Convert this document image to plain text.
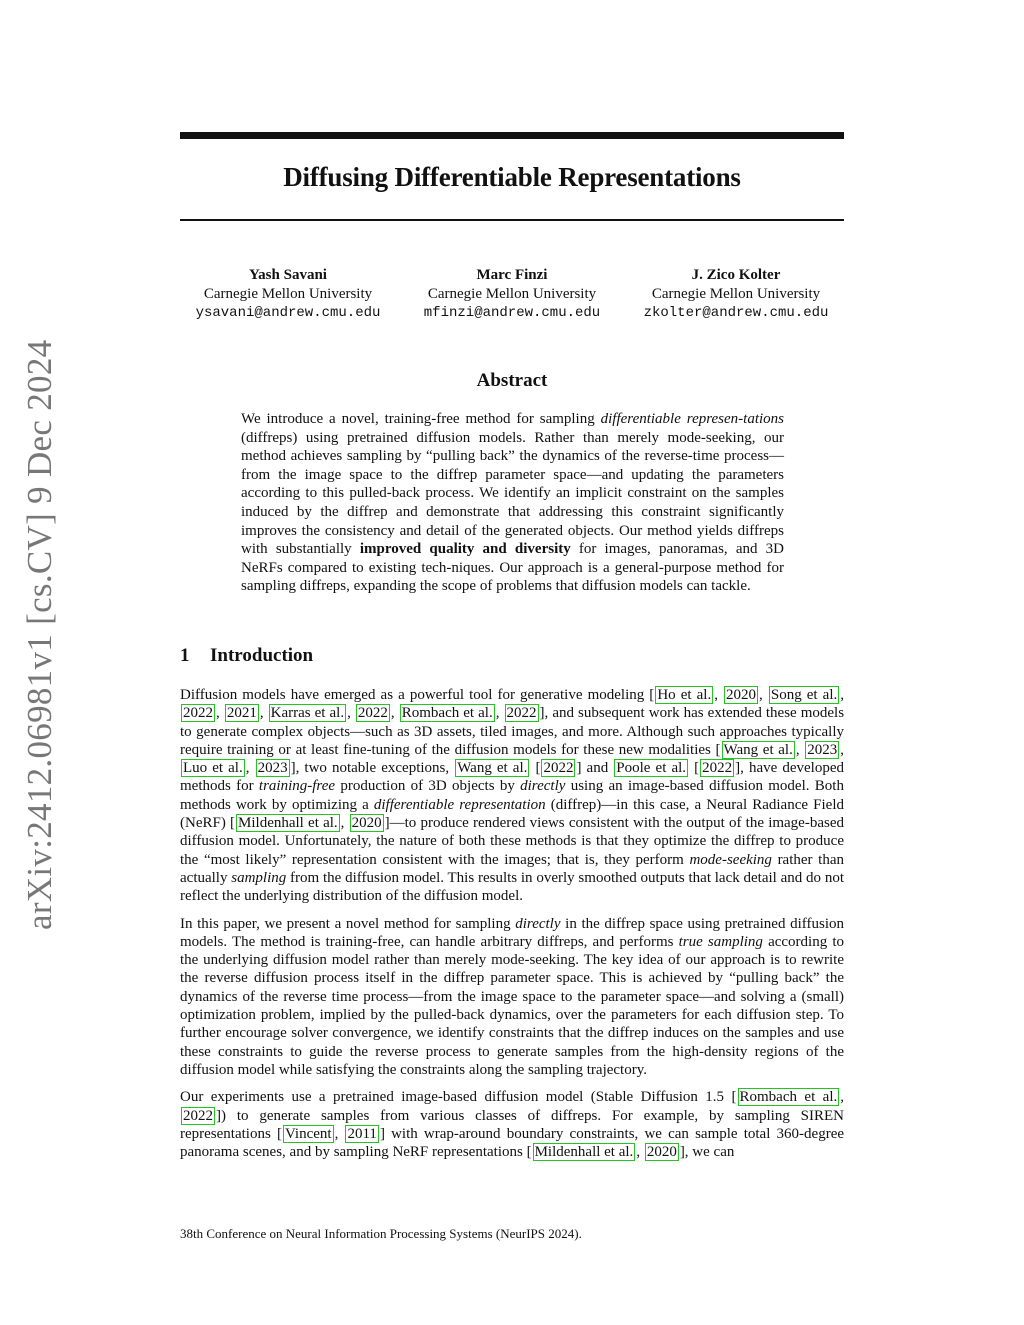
arXiv:2412.06981v1 [cs.CV] 9 Dec 2024
Diffusing Differentiable Representations
Yash Savani
Carnegie Mellon University
ysavani@andrew.cmu.edu
Marc Finzi
Carnegie Mellon University
mfinzi@andrew.cmu.edu
J. Zico Kolter
Carnegie Mellon University
zkolter@andrew.cmu.edu
Abstract
We introduce a novel, training-free method for sampling differentiable represen-tations (diffreps) using pretrained diffusion models. Rather than merely mode-seeking, our method achieves sampling by “pulling back” the dynamics of the reverse-time process—from the image space to the diffrep parameter space—and updating the parameters according to this pulled-back process. We identify an implicit constraint on the samples induced by the diffrep and demonstrate that addressing this constraint significantly improves the consistency and detail of the generated objects. Our method yields diffreps with substantially improved quality and diversity for images, panoramas, and 3D NeRFs compared to existing tech-niques. Our approach is a general-purpose method for sampling diffreps, expanding the scope of problems that diffusion models can tackle.
1 Introduction

Diffusion models have emerged as a powerful tool for generative modeling [ Ho et al. , 2020 , Song et al. , 2022 , 2021 , Karras et al. , 2022 , Rombach et al. , 2022 ], and subsequent work has extended these models to generate complex objects—such as 3D assets, tiled images, and more. Although such approaches typically require training or at least fine-tuning of the diffusion models for these new modalities [ Wang et al. , 2023 , Luo et al. , 2023 ], two notable exceptions, Wang et al. [ 2022 ] and Poole et al. [ 2022 ], have developed methods for training-free production of 3D objects by directly using an image-based diffusion model. Both methods work by optimizing a differentiable representation (diffrep)—in this case, a Neural Radiance Field (NeRF) [ Mildenhall et al. , 2020 ]—to produce rendered views consistent with the output of the image-based diffusion model. Unfortunately, the nature of both these methods is that they optimize the diffrep to produce the “most likely” representation consistent with the images; that is, they perform mode-seeking rather than actually sampling from the diffusion model. This results in overly smoothed outputs that lack detail and do not reflect the underlying distribution of the diffusion model.

In this paper, we present a novel method for sampling directly in the diffrep space using pretrained diffusion models. The method is training-free, can handle arbitrary diffreps, and performs true sampling according to the underlying diffusion model rather than merely mode-seeking. The key idea of our approach is to rewrite the reverse diffusion process itself in the diffrep parameter space. This is achieved by “pulling back” the dynamics of the reverse time process—from the image space to the parameter space—and solving a (small) optimization problem, implied by the pulled-back dynamics, over the parameters for each diffusion step. To further encourage solver convergence, we identify constraints that the diffrep induces on the samples and use these constraints to guide the reverse process to generate samples from the high-density regions of the diffusion model while satisfying the constraints along the sampling trajectory.

Our experiments use a pretrained image-based diffusion model (Stable Diffusion 1.5 [ Rombach et al. , 2022 ]) to generate samples from various classes of diffreps. For example, by sampling SIREN representations [ Vincent , 2011 ] with wrap-around boundary constraints, we can sample total 360-degree panorama scenes, and by sampling NeRF representations [ Mildenhall et al. , 2020 ], we can

38th Conference on Neural Information Processing Systems (NeurIPS 2024).
